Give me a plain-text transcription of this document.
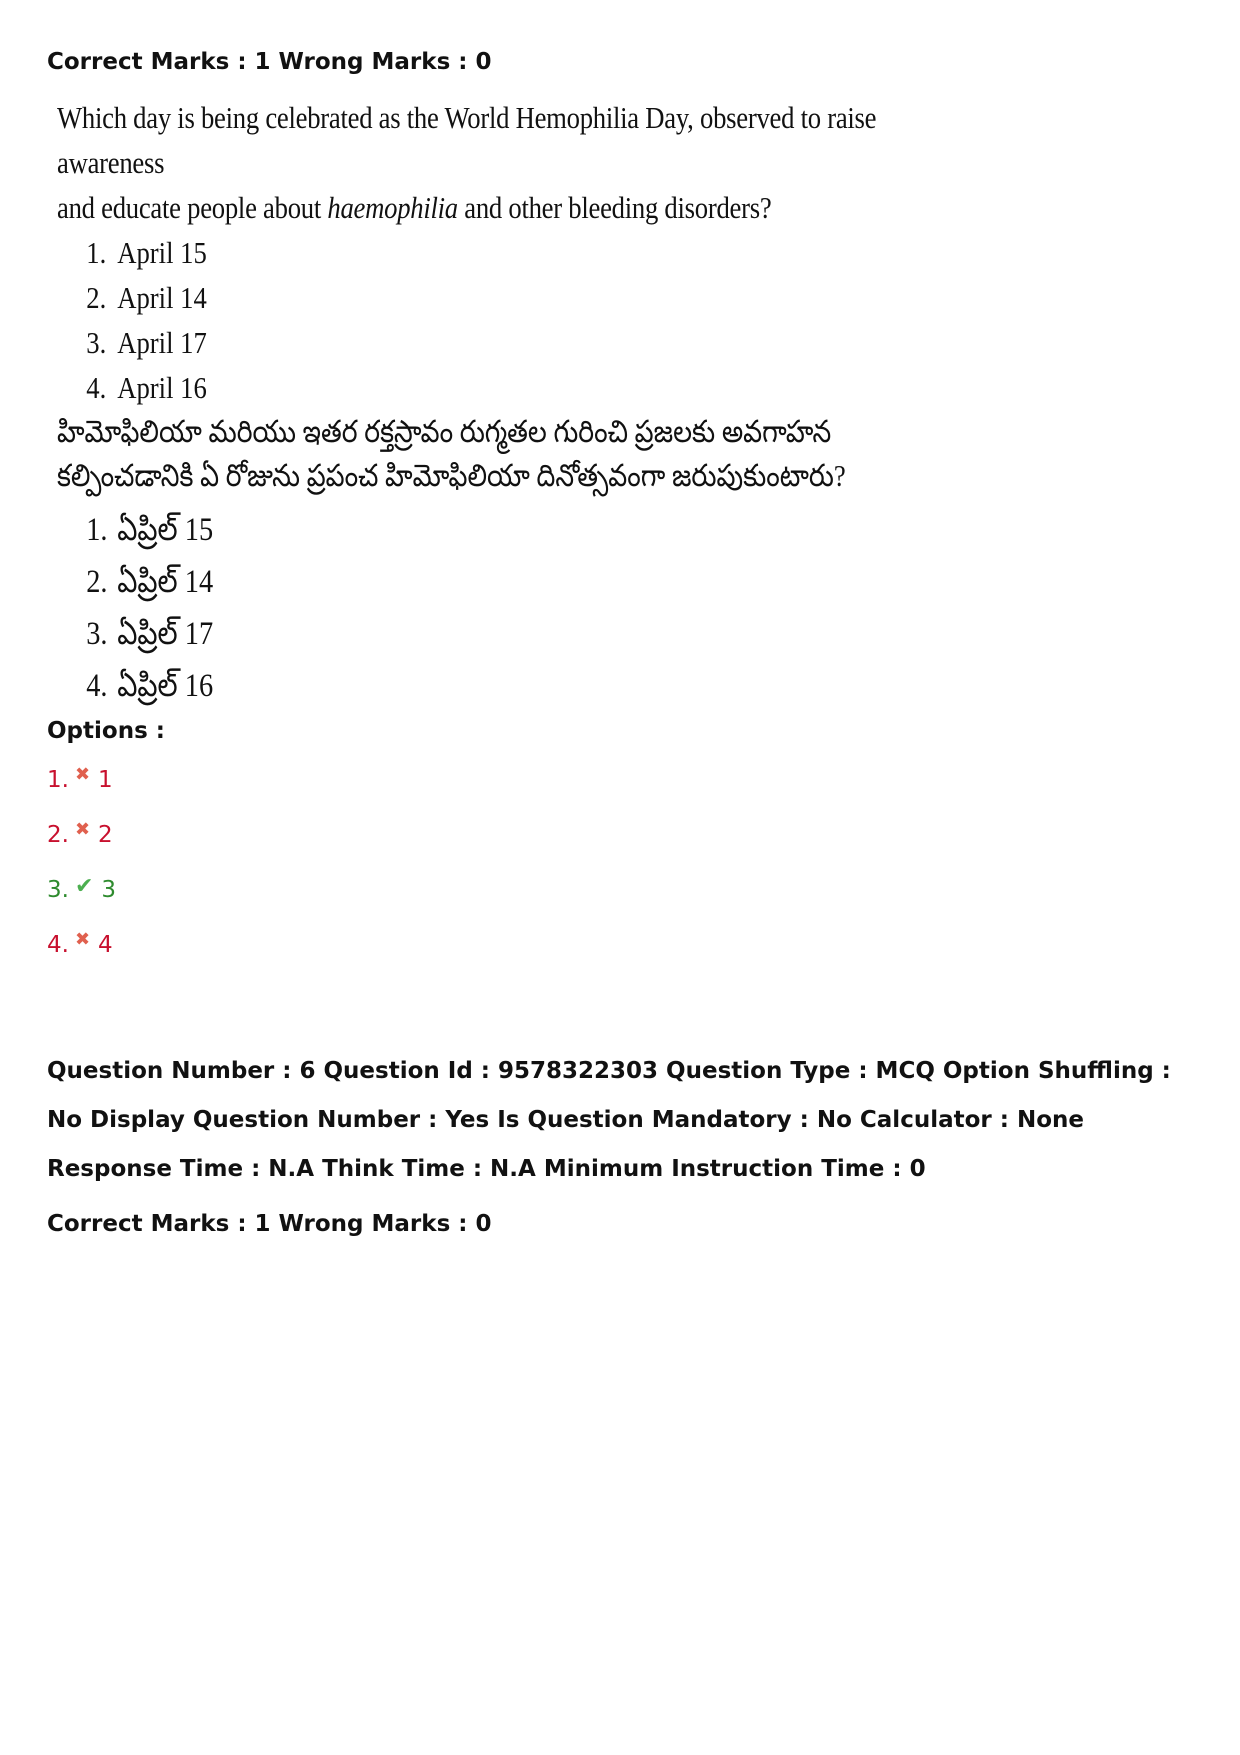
Correct Marks : 1 Wrong Marks : 0

Which day is being celebrated as the World Hemophilia Day, observed to raise awareness
and educate people about haemophilia and other bleeding disorders?
1. April 15
2. April 14
3. April 17
4. April 16
హిమోఫిలియా మరియు ఇతర రక్తస్రావం రుగ్మతల గురించి ప్రజలకు అవగాహన
కల్పించడానికి ఏ రోజును ప్రపంచ హిమోఫిలియా దినోత్సవంగా జరుపుకుంటారు?
1. ఏప్రిల్ 15
2. ఏప్రిల్ 14
3. ఏప్రిల్ 17
4. ఏప్రిల్ 16

Options :

1. ✖ 1
2. ✖ 2
3. ✔ 3
4. ✖ 4

Question Number : 6 Question Id : 9578322303 Question Type : MCQ Option Shuffling : No Display Question Number : Yes Is Question Mandatory : No Calculator : None Response Time : N.A Think Time : N.A Minimum Instruction Time : 0

Correct Marks : 1 Wrong Marks : 0
